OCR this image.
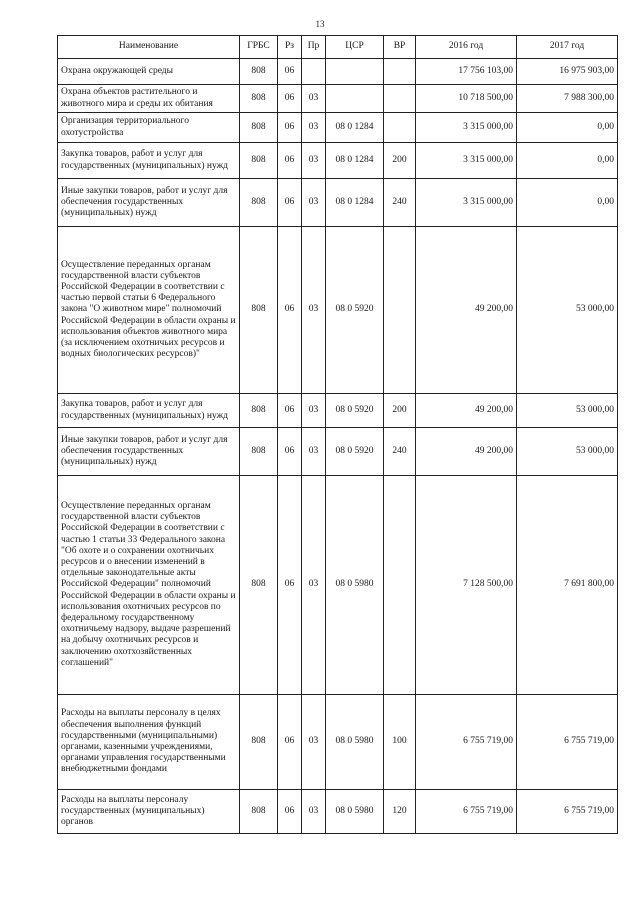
13
Наименование	ГРБС	Рз	Пр	ЦСР	ВР	2016 год	2017 год
Охрана окружающей среды	808	06				17 756 103,00	16 975 903,00
Охрана объектов растительного и животного мира и среды их обитания	808	06	03			10 718 500,00	7 988 300,00
Организация территориального охотустройства	808	06	03	08 0 1284		3 315 000,00	0,00
Закупка товаров, работ и услуг для государственных (муниципальных) нужд	808	06	03	08 0 1284	200	3 315 000,00	0,00
Иные закупки товаров, работ и услуг для обеспечения государственных (муниципальных) нужд	808	06	03	08 0 1284	240	3 315 000,00	0,00
Осуществление переданных органам государственной власти субъектов Российской Федерации в соответствии с частью первой статьи 6 Федерального закона "О животном мире" полномочий Российской Федерации в области охраны и использования объектов животного мира (за исключением охотничьих ресурсов и водных биологических ресурсов)"	808	06	03	08 0 5920		49 200,00	53 000,00
Закупка товаров, работ и услуг для государственных (муниципальных) нужд	808	06	03	08 0 5920	200	49 200,00	53 000,00
Иные закупки товаров, работ и услуг для обеспечения государственных (муниципальных) нужд	808	06	03	08 0 5920	240	49 200,00	53 000,00
Осуществление переданных органам государственной власти субъектов Российской Федерации в соответствии с частью 1 статьи 33 Федерального закона "Об охоте и о сохранении охотничьих ресурсов и о внесении изменений в отдельные законодательные акты Российской Федерации" полномочий Российской Федерации в области охраны и использования охотничьих ресурсов по федеральному государственному охотничьему надзору, выдаче разрешений на добычу охотничьих ресурсов и заключению охотхозяйственных соглашений"	808	06	03	08 0 5980		7 128 500,00	7 691 800,00
Расходы на выплаты персоналу в целях обеспечения выполнения функций государственными (муниципальными) органами, казенными учреждениями, органами управления государственными внебюджетными фондами	808	06	03	08 0 5980	100	6 755 719,00	6 755 719,00
Расходы на выплаты персоналу государственных (муниципальных) органов	808	06	03	08 0 5980	120	6 755 719,00	6 755 719,00
